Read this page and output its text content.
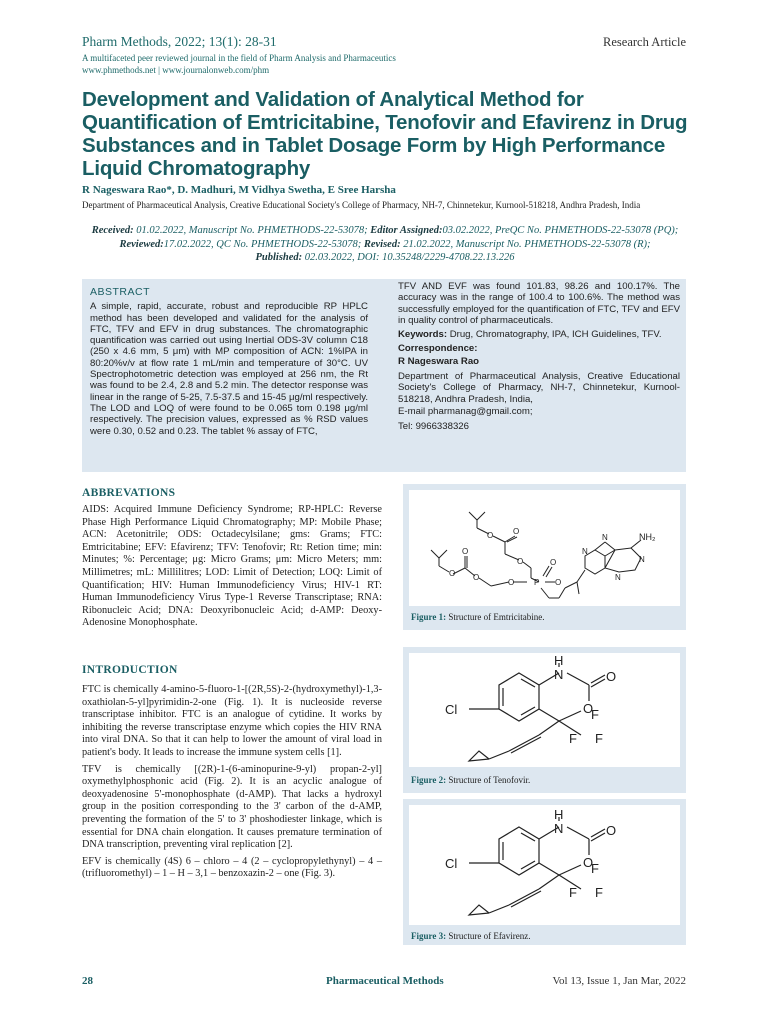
Pharm Methods, 2022; 13(1): 28-31	Research Article
A multifaceted peer reviewed journal in the field of Pharm Analysis and Pharmaceutics
www.phmethods.net | www.journalonweb.com/phm
Development and Validation of Analytical Method for Quantification of Emtricitabine, Tenofovir and Efavirenz in Drug Substances and in Tablet Dosage Form by High Performance Liquid Chromatography
R Nageswara Rao*, D. Madhuri, M Vidhya Swetha, E Sree Harsha
Department of Pharmaceutical Analysis, Creative Educational Society's College of Pharmacy, NH-7, Chinnetekur, Kurnool-518218, Andhra Pradesh, India
Received: 01.02.2022, Manuscript No. PHMETHODS-22-53078; Editor Assigned:03.02.2022, PreQC No. PHMETHODS-22-53078 (PQ); Reviewed:17.02.2022, QC No. PHMETHODS-22-53078; Revised: 21.02.2022, Manuscript No. PHMETHODS-22-53078 (R);
Published: 02.03.2022, DOI: 10.35248/2229-4708.22.13.226
ABSTRACT
A simple, rapid, accurate, robust and reproducible RP HPLC method has been developed and validated for the analysis of FTC, TFV and EFV in drug substances. The chromatographic quantification was carried out using Inertial ODS-3V column C18 (250 x 4.6 mm, 5 μm) with MP composition of ACN: 1%IPA in 80:20%v/v at flow rate 1 mL/min and temperature of 30°C. UV Spectrophotometric detection was employed at 256 nm, the Rt was found to be 2.4, 2.8 and 5.2 min. The detector response was linear in the range of 5-25, 7.5-37.5 and 15-45 μg/ml respectively. The LOD and LOQ of were found to be 0.065 tom 0.198 μg/ml respectively. The precision values, expressed as % RSD values were 0.30, 0.52 and 0.23. The tablet % assay of FTC,

TFV AND EVF was found 101.83, 98.26 and 100.17%. The accuracy was in the range of 100.4 to 100.6%. The method was successfully employed for the quantification of FTC, TFV and EFV in quality control of pharmaceuticals.

Keywords: Drug, Chromatography, IPA, ICH Guidelines, TFV.

Correspondence:

R Nageswara Rao

Department of Pharmaceutical Analysis, Creative Educational Society's College of Pharmacy, NH-7, Chinnetekur, Kurnool-518218, Andhra Pradesh, India,

E-mail pharmanag@gmail.com;

Tel: 9966338326

ABBREVATIONS
AIDS: Acquired Immune Deficiency Syndrome; RP-HPLC: Reverse Phase High Performance Liquid Chromatography; MP: Mobile Phase; ACN: Acetonitrile; ODS: Octadecylsilane; gms: Grams; FTC: Emtricitabine; EFV: Efavirenz; TFV: Tenofovir; Rt: Retion time; min: Minutes; %: Percentage; μg: Micro Grams; μm: Micro Meters; mm: Millimetres; mL: Millilitres; LOD: Limit of Detection; LOQ: Limit of Quantification; HIV: Human Immunodeficiency Virus; HIV-1 RT: Human Immunodeficiency Virus Type-1 Reverse Transcriptase; RNA: Ribonucleic Acid; DNA: Deoxyribonucleic Acid; d-AMP: Deoxy-Adenosine Monophosphate.
INTRODUCTION

FTC is chemically 4-amino-5-fluoro-1-[(2R,5S)-2-(hydroxymethyl)-1,3-oxathiolan-5-yl]pyrimidin-2-one (Fig. 1). It is nucleoside reverse transcriptase inhibitor. FTC is an analogue of cytidine. It works by inhibiting the reverse transcriptase enzyme which copies the HIV RNA into viral DNA. So that it can help to lower the amount of viral load in patient's body. It leads to increase the immune system cells [1].

TFV is chemically [(2R)-1-(6-aminopurine-9-yl) propan-2-yl] oxymethylphosphonic acid (Fig. 2). It is an acyclic analogue of deoxyadenosine 5'-monophosphate (d-AMP). That lacks a hydroxyl group in the position corresponding to the 3' carbon of the d-AMP, preventing the formation of the 5' to 3' phoshodiester linkage, which is essential for DNA chain elongation. It causes premature termination of DNA transcription, preventing viral replication [2].

EFV is chemically (4S) 6 – chloro – 4 (2 – cyclopropylethynyl) – 4 – (trifluoromethyl) – 1 – H – 3,1 – benzoxazin-2 – one (Fig. 3).

O O
O
O
O
O
O P
O
O
N
N
N
N
NH₂
Figure 1: Structure of Emtricitabine.
H
N	O
O
Cl	F
F F
Figure 2: Structure of Tenofovir.
H
N	O
O
Cl	F
F F
Figure 3: Structure of Efavirenz.
28	Pharmaceutical Methods	Vol 13, Issue 1, Jan Mar, 2022
